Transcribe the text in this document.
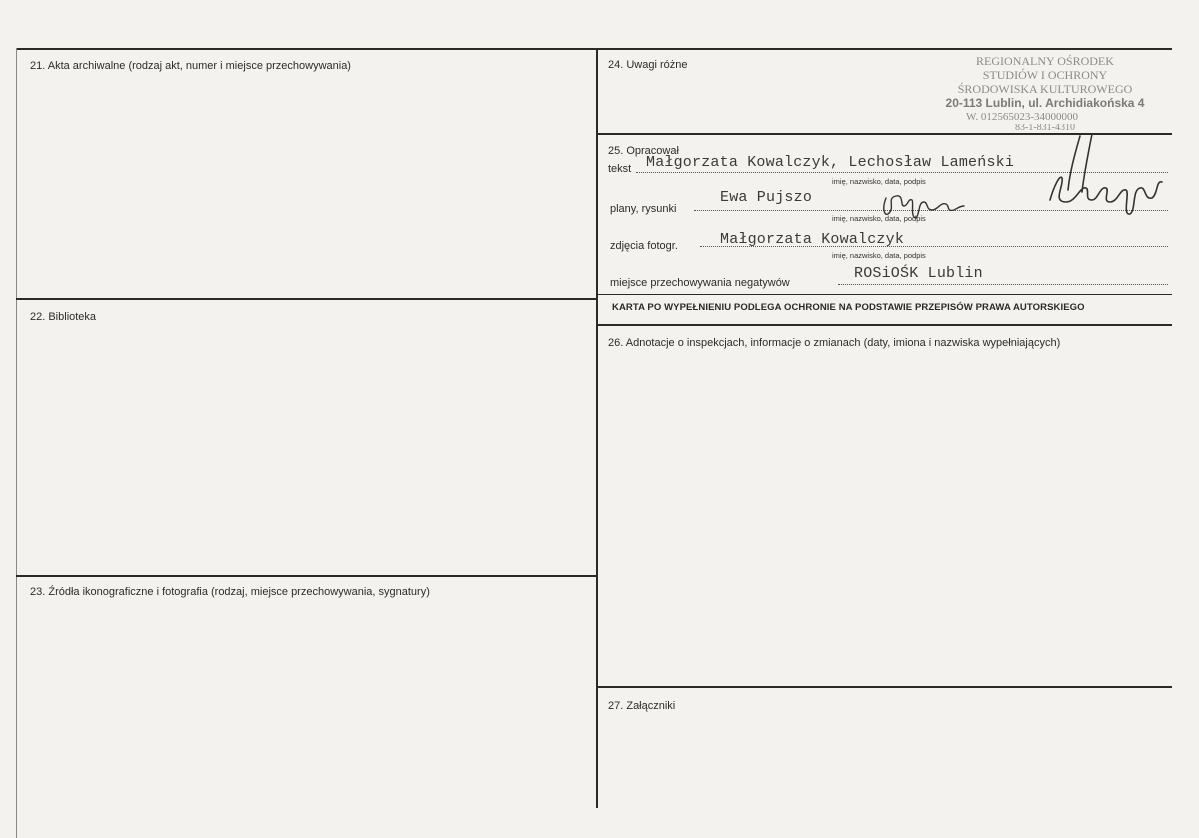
21. Akta archiwalne (rodzaj akt, numer i miejsce przechowywania)
22. Biblioteka
23. Źródła ikonograficzne i fotografia (rodzaj, miejsce przechowywania, sygnatury)
24. Uwagi różne
25. Opracował
26. Adnotacje o inspekcjach, informacje o zmianach (daty, imiona i nazwiska wypełniających)
27. Załączniki
REGIONALNY OŚRODEK
STUDIÓW I OCHRONY
ŚRODOWISKA KULTUROWEGO
20-113 Lublin, ul. Archidiakońska 4
W. 012565023-34000000
83-1-831-4310
tekst Małgorzata Kowalczyk, Lechosław Lameński
imię, nazwisko, data, podpis
plany, rysunki
Ewa Pujszo
imię, nazwisko, data, podpis
zdjęcia fotogr.	Małgorzata Kowalczyk
imię, nazwisko, data, podpis
miejsce przechowywania negatywów
ROSiOŚK Lublin
KARTA PO WYPEŁNIENIU PODLEGA OCHRONIE NA PODSTAWIE PRZEPISÓW PRAWA AUTORSKIEGO
